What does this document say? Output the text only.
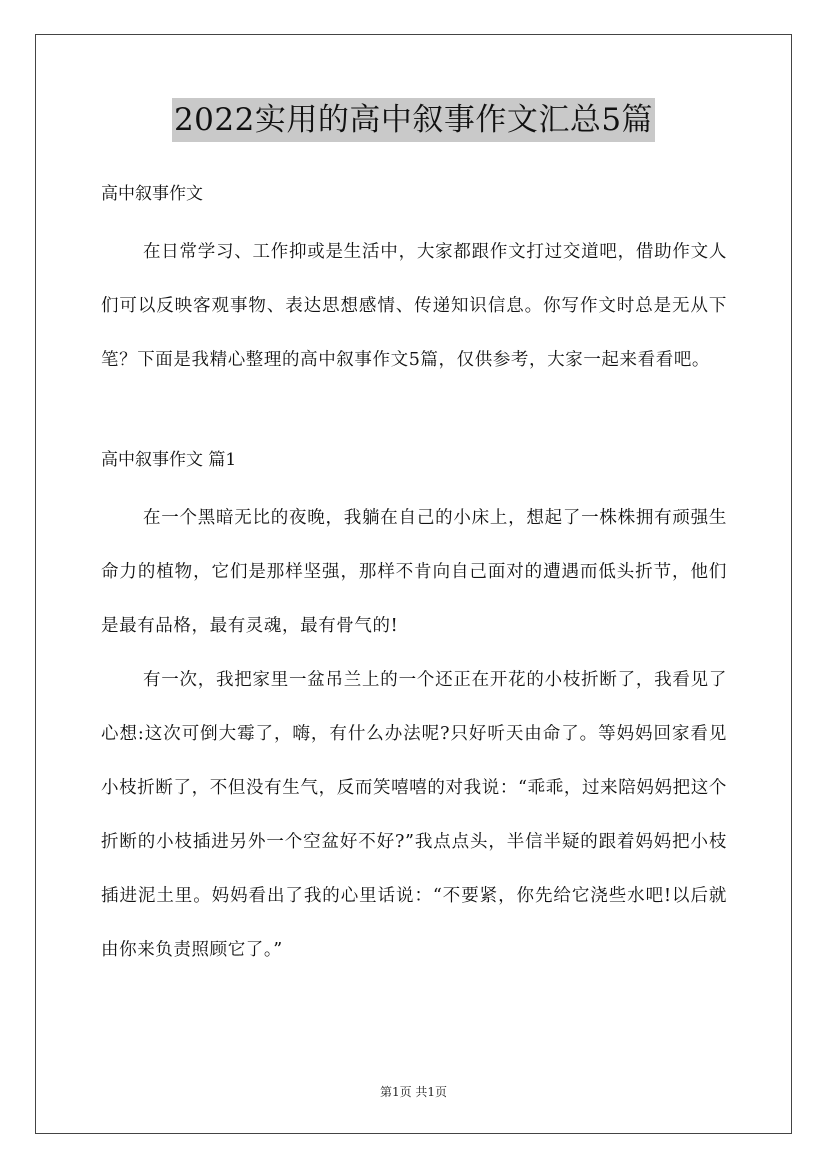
2022实用的高中叙事作文汇总5篇

高中叙事作文

在日常学习、工作抑或是生活中，大家都跟作文打过交道吧，借助作文人们可以反映客观事物、表达思想感情、传递知识信息。你写作文时总是无从下笔？下面是我精心整理的高中叙事作文5篇，仅供参考，大家一起来看看吧。

高中叙事作文 篇1

在一个黑暗无比的夜晚，我躺在自己的小床上，想起了一株株拥有顽强生命力的植物，它们是那样坚强，那样不肯向自己面对的遭遇而低头折节，他们是最有品格，最有灵魂，最有骨气的!

有一次，我把家里一盆吊兰上的一个还正在开花的小枝折断了，我看见了心想:这次可倒大霉了，嗨，有什么办法呢?只好听天由命了。等妈妈回家看见小枝折断了，不但没有生气，反而笑嘻嘻的对我说：“乖乖，过来陪妈妈把这个折断的小枝插进另外一个空盆好不好?”我点点头，半信半疑的跟着妈妈把小枝插进泥土里。妈妈看出了我的心里话说：“不要紧，你先给它浇些水吧!以后就由你来负责照顾它了。”

第1页 共1页
